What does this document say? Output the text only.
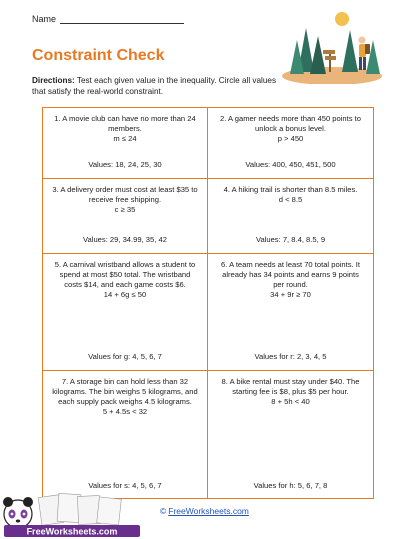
Name
Constraint Check
Directions: Test each given value in the inequality. Circle all values that satisfy the real-world constraint.
1. A movie club can have no more than 24 members.
m ≤ 24
Values: 18, 24, 25, 30
2. A gamer needs more than 450 points to unlock a bonus level.
p > 450
Values: 400, 450, 451, 500
3. A delivery order must cost at least $35 to receive free shipping.
c ≥ 35
Values: 29, 34.99, 35, 42
4. A hiking trail is shorter than 8.5 miles.
d < 8.5
Values: 7, 8.4, 8.5, 9
5. A carnival wristband allows a student to spend at most $50 total. The wristband costs $14, and each game costs $6.
14 + 6g ≤ 50
Values for g: 4, 5, 6, 7
6. A team needs at least 70 total points. It already has 34 points and earns 9 points per round.
34 + 9r ≥ 70
Values for r: 2, 3, 4, 5
7. A storage bin can hold less than 32 kilograms. The bin weighs 5 kilograms, and each supply pack weighs 4.5 kilograms.
5 + 4.5s < 32
Values for s: 4, 5, 6, 7
8. A bike rental must stay under $40. The starting fee is $8, plus $5 per hour.
8 + 5h < 40
Values for h: 5, 6, 7, 8
FreeWorksheets.com
© FreeWorksheets.com
